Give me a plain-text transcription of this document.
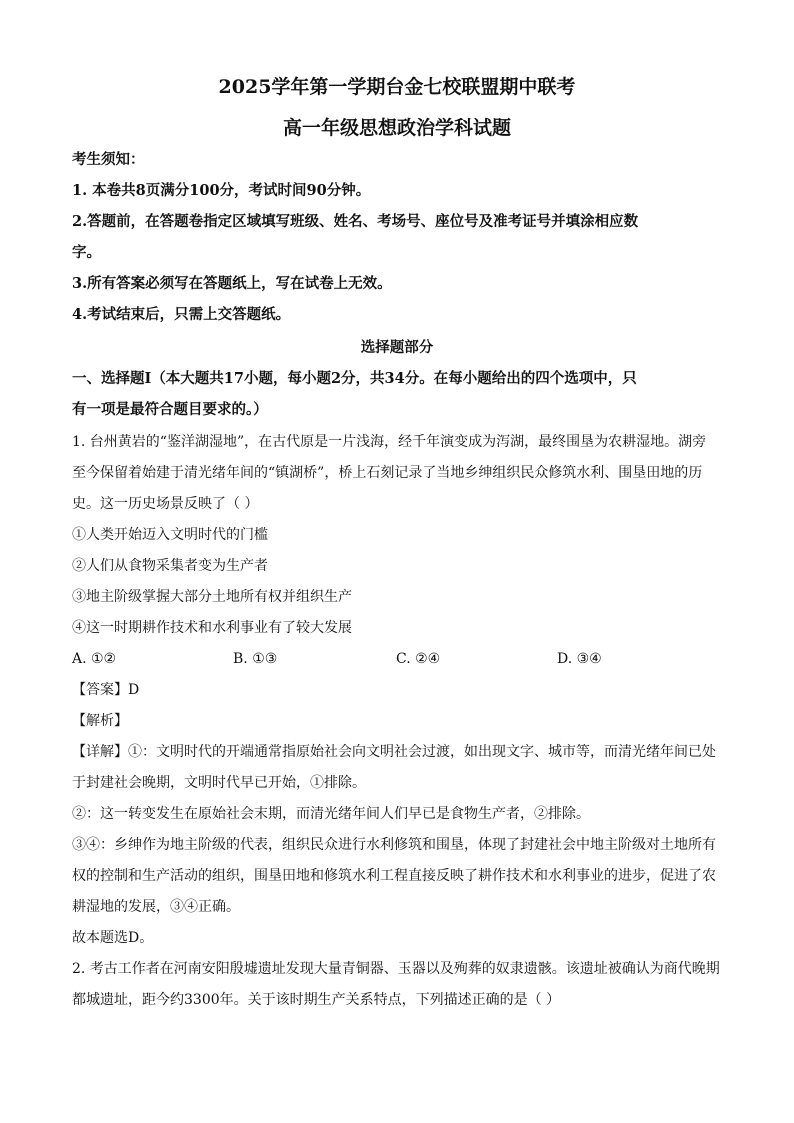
2025学年第一学期台金七校联盟期中联考
高一年级思想政治学科试题
考生须知：
1. 本卷共8页满分100分，考试时间90分钟。
2.答题前，在答题卷指定区域填写班级、姓名、考场号、座位号及准考证号并填涂相应数
字。
3.所有答案必须写在答题纸上，写在试卷上无效。
4.考试结束后，只需上交答题纸。
选择题部分
一、选择题Ⅰ（本大题共17小题，每小题2分，共34分。在每小题给出的四个选项中，只
有一项是最符合题目要求的。）
1. 台州黄岩的“鉴洋湖湿地”，在古代原是一片浅海，经千年演变成为泻湖，最终围垦为农耕湿地。湖旁
至今保留着始建于清光绪年间的“镇湖桥”，桥上石刻记录了当地乡绅组织民众修筑水利、围垦田地的历
史。这一历史场景反映了（ ）
①人类开始迈入文明时代的门槛
②人们从食物采集者变为生产者
③地主阶级掌握大部分土地所有权并组织生产
④这一时期耕作技术和水利事业有了较大发展
A. ①②	B. ①③	C. ②④	D. ③④
【答案】D
【解析】
【详解】①：文明时代的开端通常指原始社会向文明社会过渡，如出现文字、城市等，而清光绪年间已处
于封建社会晚期，文明时代早已开始，①排除。
②：这一转变发生在原始社会末期，而清光绪年间人们早已是食物生产者，②排除。
③④：乡绅作为地主阶级的代表，组织民众进行水利修筑和围垦，体现了封建社会中地主阶级对土地所有
权的控制和生产活动的组织，围垦田地和修筑水利工程直接反映了耕作技术和水利事业的进步，促进了农
耕湿地的发展，③④正确。
故本题选D。
2. 考古工作者在河南安阳殷墟遗址发现大量青铜器、玉器以及殉葬的奴隶遗骸。该遗址被确认为商代晚期
都城遗址，距今约3300年。关于该时期生产关系特点，下列描述正确的是（ ）
